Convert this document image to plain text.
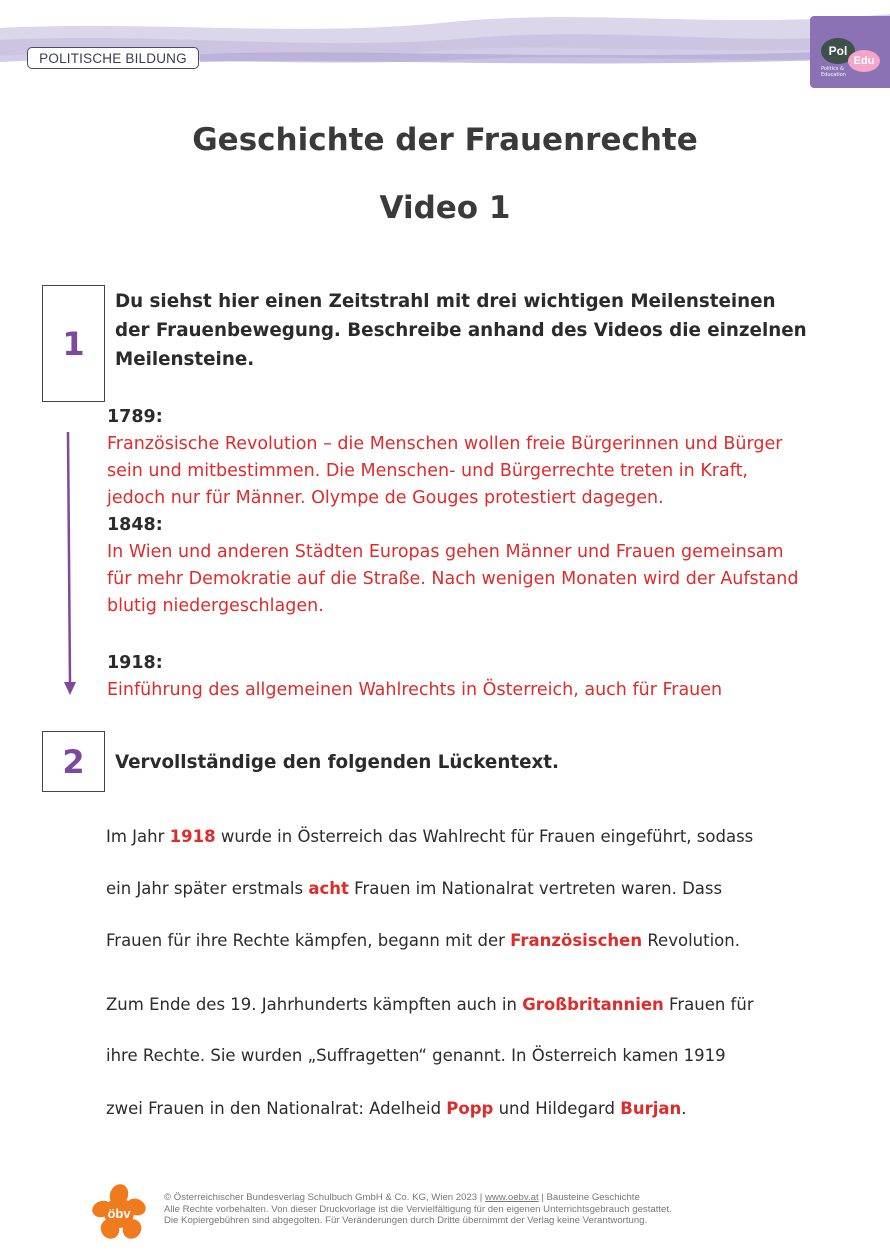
POLITISCHE BILDUNG	Pol
Edu
Politics & Education
Geschichte der Frauenrechte
Video 1
1
Du siehst hier einen Zeitstrahl mit drei wichtigen Meilensteinen der Frauenbewegung. Beschreibe anhand des Videos die einzelnen Meilensteine.
1789:
Französische Revolution – die Menschen wollen freie Bürgerinnen und Bürger sein und mitbestimmen. Die Menschen- und Bürgerrechte treten in Kraft, jedoch nur für Männer. Olympe de Gouges protestiert dagegen.
1848:
In Wien und anderen Städten Europas gehen Männer und Frauen gemeinsam für mehr Demokratie auf die Straße. Nach wenigen Monaten wird der Aufstand blutig niedergeschlagen.
1918:
Einführung des allgemeinen Wahlrechts in Österreich, auch für Frauen
2	Vervollständige den folgenden Lückentext.
Im Jahr 1918 wurde in Österreich das Wahlrecht für Frauen eingeführt, sodass
ein Jahr später erstmals acht Frauen im Nationalrat vertreten waren. Dass
Frauen für ihre Rechte kämpfen, begann mit der Französischen Revolution.
Zum Ende des 19. Jahrhunderts kämpften auch in Großbritannien Frauen für
ihre Rechte. Sie wurden „Suffragetten“ genannt. In Österreich kamen 1919
zwei Frauen in den Nationalrat: Adelheid Popp und Hildegard Burjan.
öbv
© Österreichischer Bundesverlag Schulbuch GmbH & Co. KG, Wien 2023 | www.oebv.at | Bausteine Geschichte
Alle Rechte vorbehalten. Von dieser Druckvorlage ist die Vervielfältigung für den eigenen Unterrichtsgebrauch gestattet.
Die Kopiergebühren sind abgegolten. Für Veränderungen durch Dritte übernimmt der Verlag keine Verantwortung.
